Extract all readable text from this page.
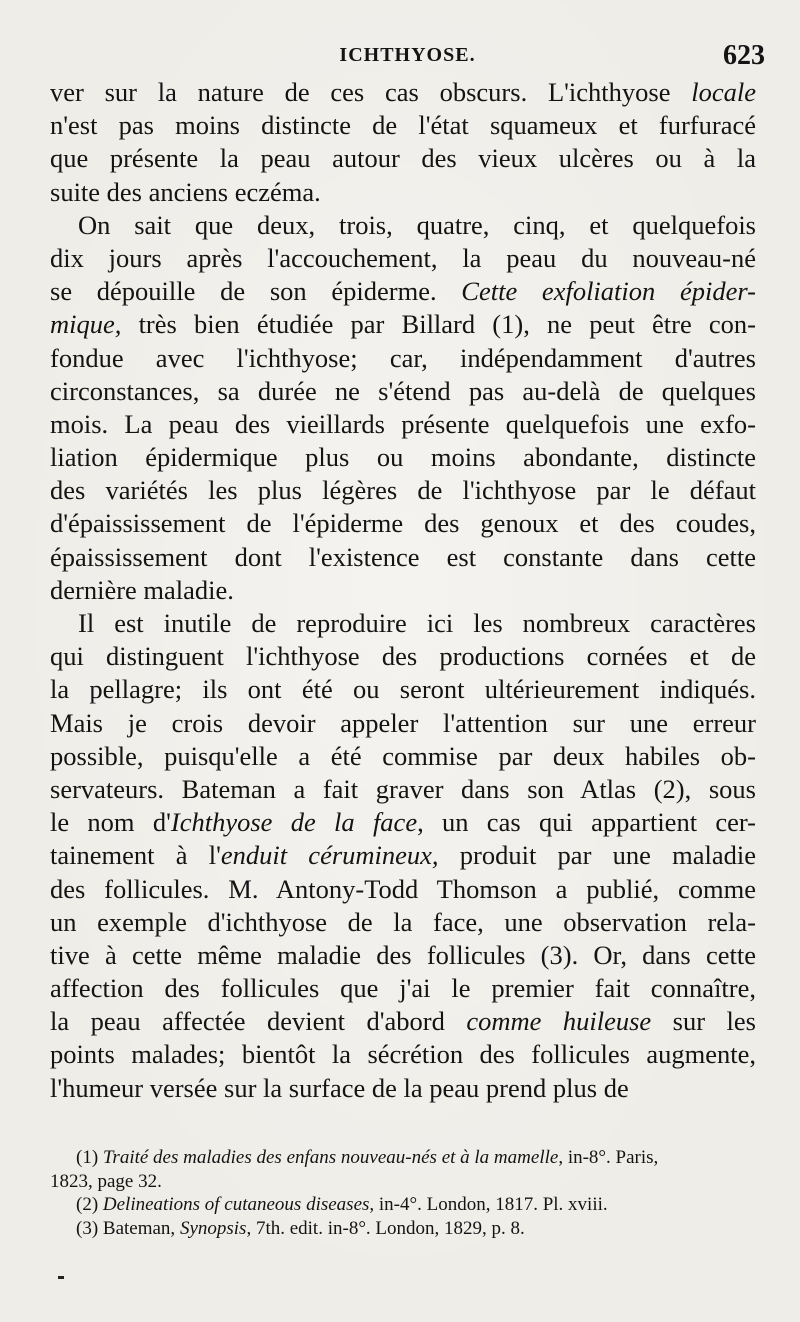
ICHTHYOSE.	623
ver sur la nature de ces cas obscurs. L'ichthyose locale
n'est pas moins distincte de l'état squameux et furfuracé
que présente la peau autour des vieux ulcères ou à la
suite des anciens eczéma.
On sait que deux, trois, quatre, cinq, et quelquefois
dix jours après l'accouchement, la peau du nouveau-né
se dépouille de son épiderme. Cette exfoliation épider-
mique, très bien étudiée par Billard (1), ne peut être con-
fondue avec l'ichthyose; car, indépendamment d'autres
circonstances, sa durée ne s'étend pas au-delà de quelques
mois. La peau des vieillards présente quelquefois une exfo-
liation épidermique plus ou moins abondante, distincte
des variétés les plus légères de l'ichthyose par le défaut
d'épaississement de l'épiderme des genoux et des coudes,
épaississement dont l'existence est constante dans cette
dernière maladie.
Il est inutile de reproduire ici les nombreux caractères
qui distinguent l'ichthyose des productions cornées et de
la pellagre; ils ont été ou seront ultérieurement indiqués.
Mais je crois devoir appeler l'attention sur une erreur
possible, puisqu'elle a été commise par deux habiles ob-
servateurs. Bateman a fait graver dans son Atlas (2), sous
le nom d'Ichthyose de la face, un cas qui appartient cer-
tainement à l'enduit cérumineux, produit par une maladie
des follicules. M. Antony-Todd Thomson a publié, comme
un exemple d'ichthyose de la face, une observation rela-
tive à cette même maladie des follicules (3). Or, dans cette
affection des follicules que j'ai le premier fait connaître,
la peau affectée devient d'abord comme huileuse sur les
points malades; bientôt la sécrétion des follicules augmente,
l'humeur versée sur la surface de la peau prend plus de
(1) Traité des maladies des enfans nouveau-nés et à la mamelle, in-8°. Paris,
1823, page 32.
(2) Delineations of cutaneous diseases, in-4°. London, 1817. Pl. xviii.
(3) Bateman, Synopsis, 7th. edit. in-8°. London, 1829, p. 8.
